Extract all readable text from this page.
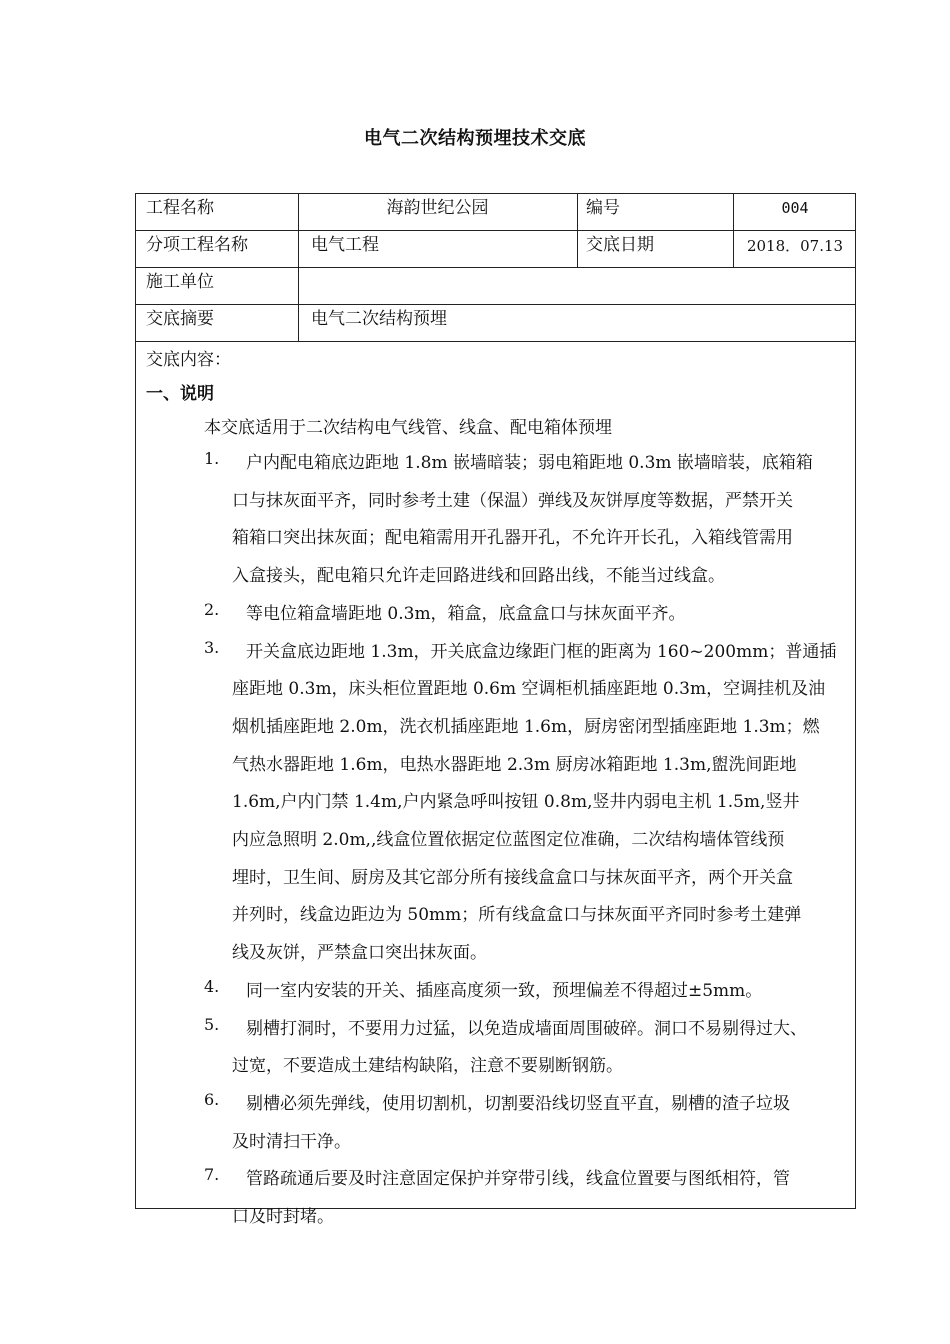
电气二次结构预埋技术交底
工程名称	海韵世纪公园	编号	004
分项工程名称	电气工程	交底日期	2018．07.13
施工单位
交底摘要	电气二次结构预埋
交底内容：
一、说明
本交底适用于二次结构电气线管、线盒、配电箱体预埋
1. 户内配电箱底边距地 1.8m 嵌墙暗装；弱电箱距地 0.3m 嵌墙暗装，底箱箱
口与抹灰面平齐，同时参考土建（保温）弹线及灰饼厚度等数据，严禁开关
箱箱口突出抹灰面；配电箱需用开孔器开孔，不允许开长孔，入箱线管需用
入盒接头，配电箱只允许走回路进线和回路出线，不能当过线盒。
2. 等电位箱盒墙距地 0.3m，箱盒，底盒盒口与抹灰面平齐。
3. 开关盒底边距地 1.3m，开关底盒边缘距门框的距离为 160~200mm；普通插
座距地 0.3m，床头柜位置距地 0.6m 空调柜机插座距地 0.3m，空调挂机及油
烟机插座距地 2.0m，洗衣机插座距地 1.6m，厨房密闭型插座距地 1.3m；燃
气热水器距地 1.6m，电热水器距地 2.3m 厨房冰箱距地 1.3m,盥洗间距地
1.6m,户内门禁 1.4m,户内紧急呼叫按钮 0.8m,竖井内弱电主机 1.5m,竖井
内应急照明 2.0m,,线盒位置依据定位蓝图定位准确，二次结构墙体管线预
埋时，卫生间、厨房及其它部分所有接线盒盒口与抹灰面平齐，两个开关盒
并列时，线盒边距边为 50mm；所有线盒盒口与抹灰面平齐同时参考土建弹
线及灰饼，严禁盒口突出抹灰面。
4. 同一室内安装的开关、插座高度须一致，预埋偏差不得超过±5mm。
5. 剔槽打洞时，不要用力过猛，以免造成墙面周围破碎。洞口不易剔得过大、
过宽，不要造成土建结构缺陷，注意不要剔断钢筋。
6. 剔槽必须先弹线，使用切割机，切割要沿线切竖直平直，剔槽的渣子垃圾
及时清扫干净。
7. 管路疏通后要及时注意固定保护并穿带引线，线盒位置要与图纸相符，管
口及时封堵。
